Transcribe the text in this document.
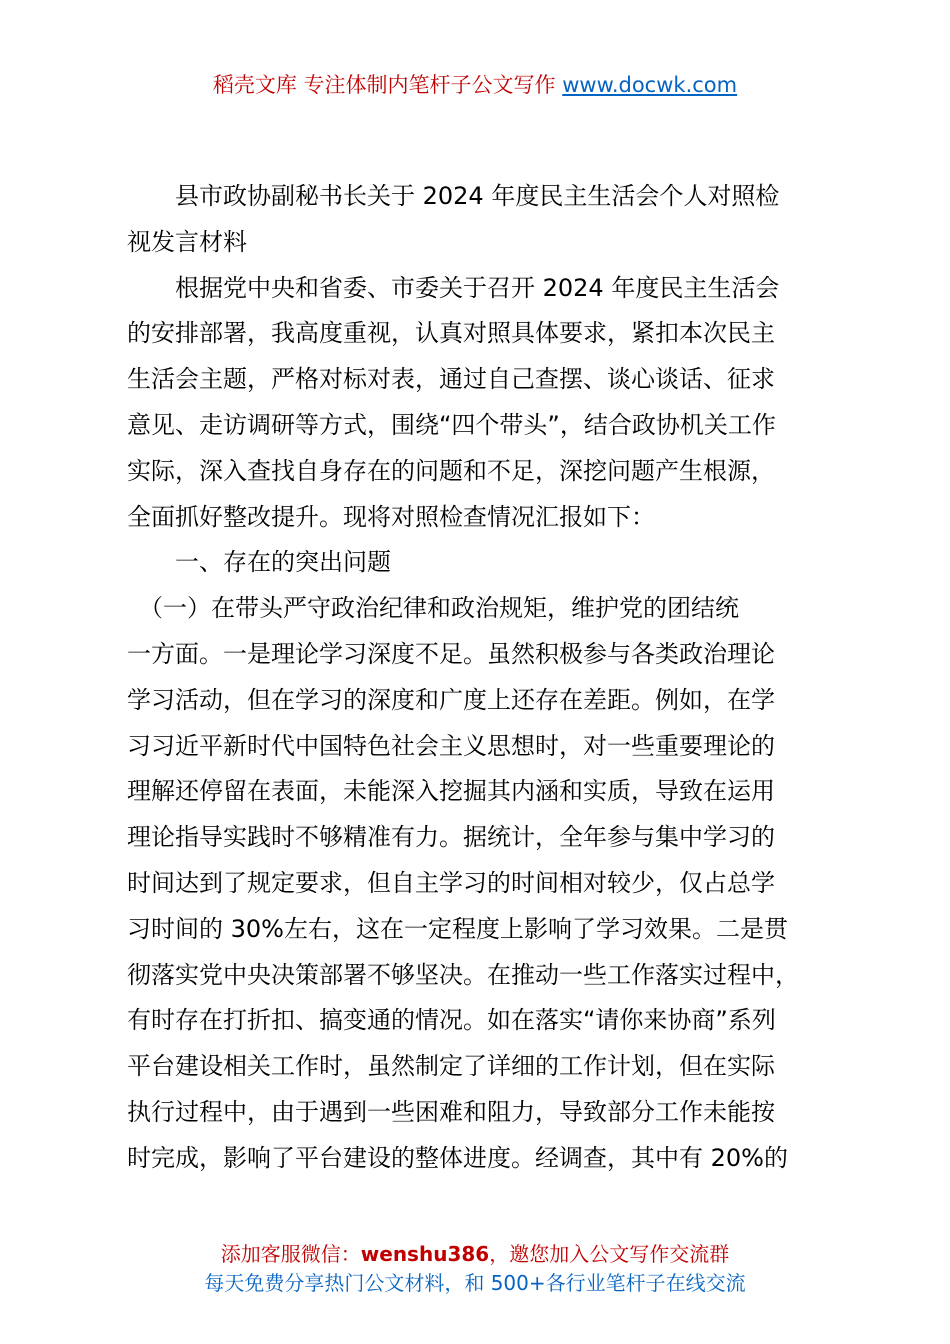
稻壳文库 专注体制内笔杆子公文写作 www.docwk.com
　　县市政协副秘书长关于 2024 年度民主生活会个人对照检
视发言材料
　　根据党中央和省委、市委关于召开 2024 年度民主生活会
的安排部署，我高度重视，认真对照具体要求，紧扣本次民主
生活会主题，严格对标对表，通过自己查摆、谈心谈话、征求
意见、走访调研等方式，围绕“四个带头”，结合政协机关工作
实际，深入查找自身存在的问题和不足，深挖问题产生根源，
全面抓好整改提升。现将对照检查情况汇报如下：
　　一、存在的突出问题
　（一）在带头严守政治纪律和政治规矩，维护党的团结统
一方面。一是理论学习深度不足。虽然积极参与各类政治理论
学习活动，但在学习的深度和广度上还存在差距。例如，在学
习习近平新时代中国特色社会主义思想时，对一些重要理论的
理解还停留在表面，未能深入挖掘其内涵和实质，导致在运用
理论指导实践时不够精准有力。据统计，全年参与集中学习的
时间达到了规定要求，但自主学习的时间相对较少，仅占总学
习时间的 30%左右，这在一定程度上影响了学习效果。二是贯
彻落实党中央决策部署不够坚决。在推动一些工作落实过程中，
有时存在打折扣、搞变通的情况。如在落实“请你来协商”系列
平台建设相关工作时，虽然制定了详细的工作计划，但在实际
执行过程中，由于遇到一些困难和阻力，导致部分工作未能按
时完成，影响了平台建设的整体进度。经调查，其中有 20%的
添加客服微信：wenshu386，邀您加入公文写作交流群
每天免费分享热门公文材料，和 500+各行业笔杆子在线交流
